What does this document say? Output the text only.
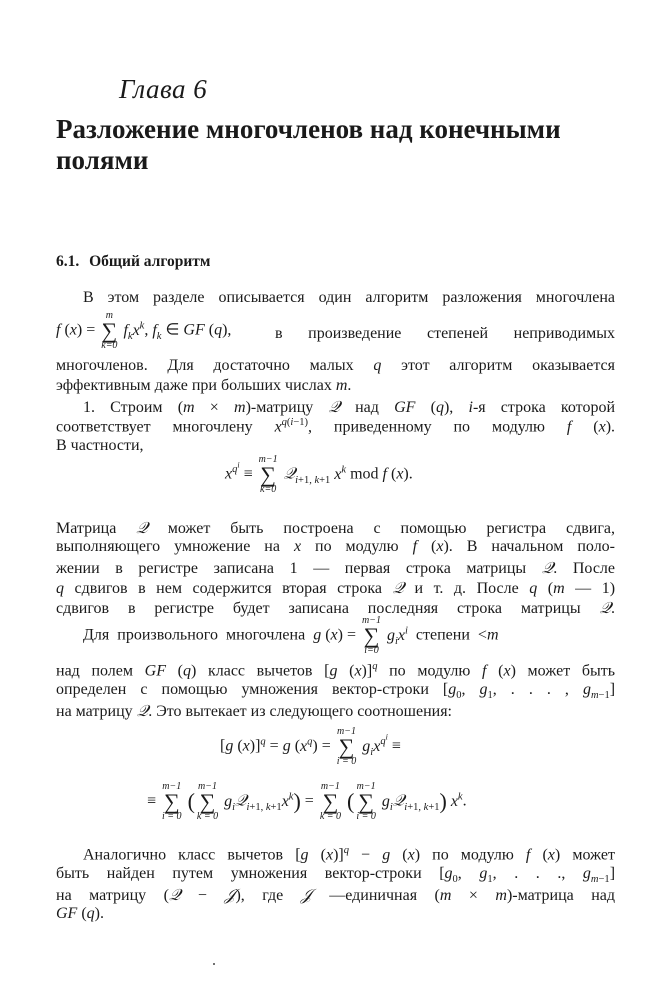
Глава 6
Разложение многочленов над конечными
полями
6.1. Общий алгоритм
В этом разделе описывается один алгоритм разложения многочлена
f (x) =
m
∑
k=0
$f_kx^k$, $f_k$ ∈ GF (q),	в произведение степеней неприводимых
многочленов. Для достаточно малых q этот алгоритм оказывается
эффективным даже при больших числах m.
1. Строим (m × m)-матрицу 𝒬 над GF (q), i-я строка которой
соответствует многочлену $x^{q(i-1)}$, приведенному по модулю f (x).
В частности,
$x^{q^i}$ ≡
m−1
∑
k=0
𝒬$_{i+1, k+1}$ $x^k$ mod f (x).
Матрица 𝒬 может быть построена с помощью регистра сдвига,
выполняющего умножение на x по модулю f (x). В начальном поло-
жении в регистре записана 1 — первая строка матрицы 𝒬. После
q сдвигов в нем содержится вторая строка 𝒬 и т. д. После q (m — 1)
сдвигов в регистре будет записана последняя строка матрицы 𝒬.
Для  произвольного  многочлена  g (x) =
m−1
∑
i=0
$g_ix^i$  степени  <m
над полем GF (q) класс вычетов [g (x)]$^q$ по модулю f (x) может быть
определен с помощью умножения вектор-строки [$g_0$, $g_1$, . . . , $g_{m-1}$]
на матрицу 𝒬. Это вытекает из следующего соотношения:
[g (x)]$^q$ = g $(x^q)$ =
m−1
∑
i = 0
$g_ix^{q^i}$ ≡
≡
m−1
∑
i = 0
(
m−1
∑
k = 0
$g_i𝒬_{i+1, k+1}x^k$) =
m−1
∑
k = 0
(
m−1
∑
i = 0
$g_i𝒬_{i+1, k+1}$) $x^k$.
Аналогично класс вычетов [g (x)]$^q$ − g (x) по модулю f (x) может
быть найден путем умножения вектор-строки [$g_0$, $g_1$, . . ., $g_{m-1}$]
на матрицу (𝒬 − 𝒥), где 𝒥 —единичная (m × m)-матрица над
GF (q).
